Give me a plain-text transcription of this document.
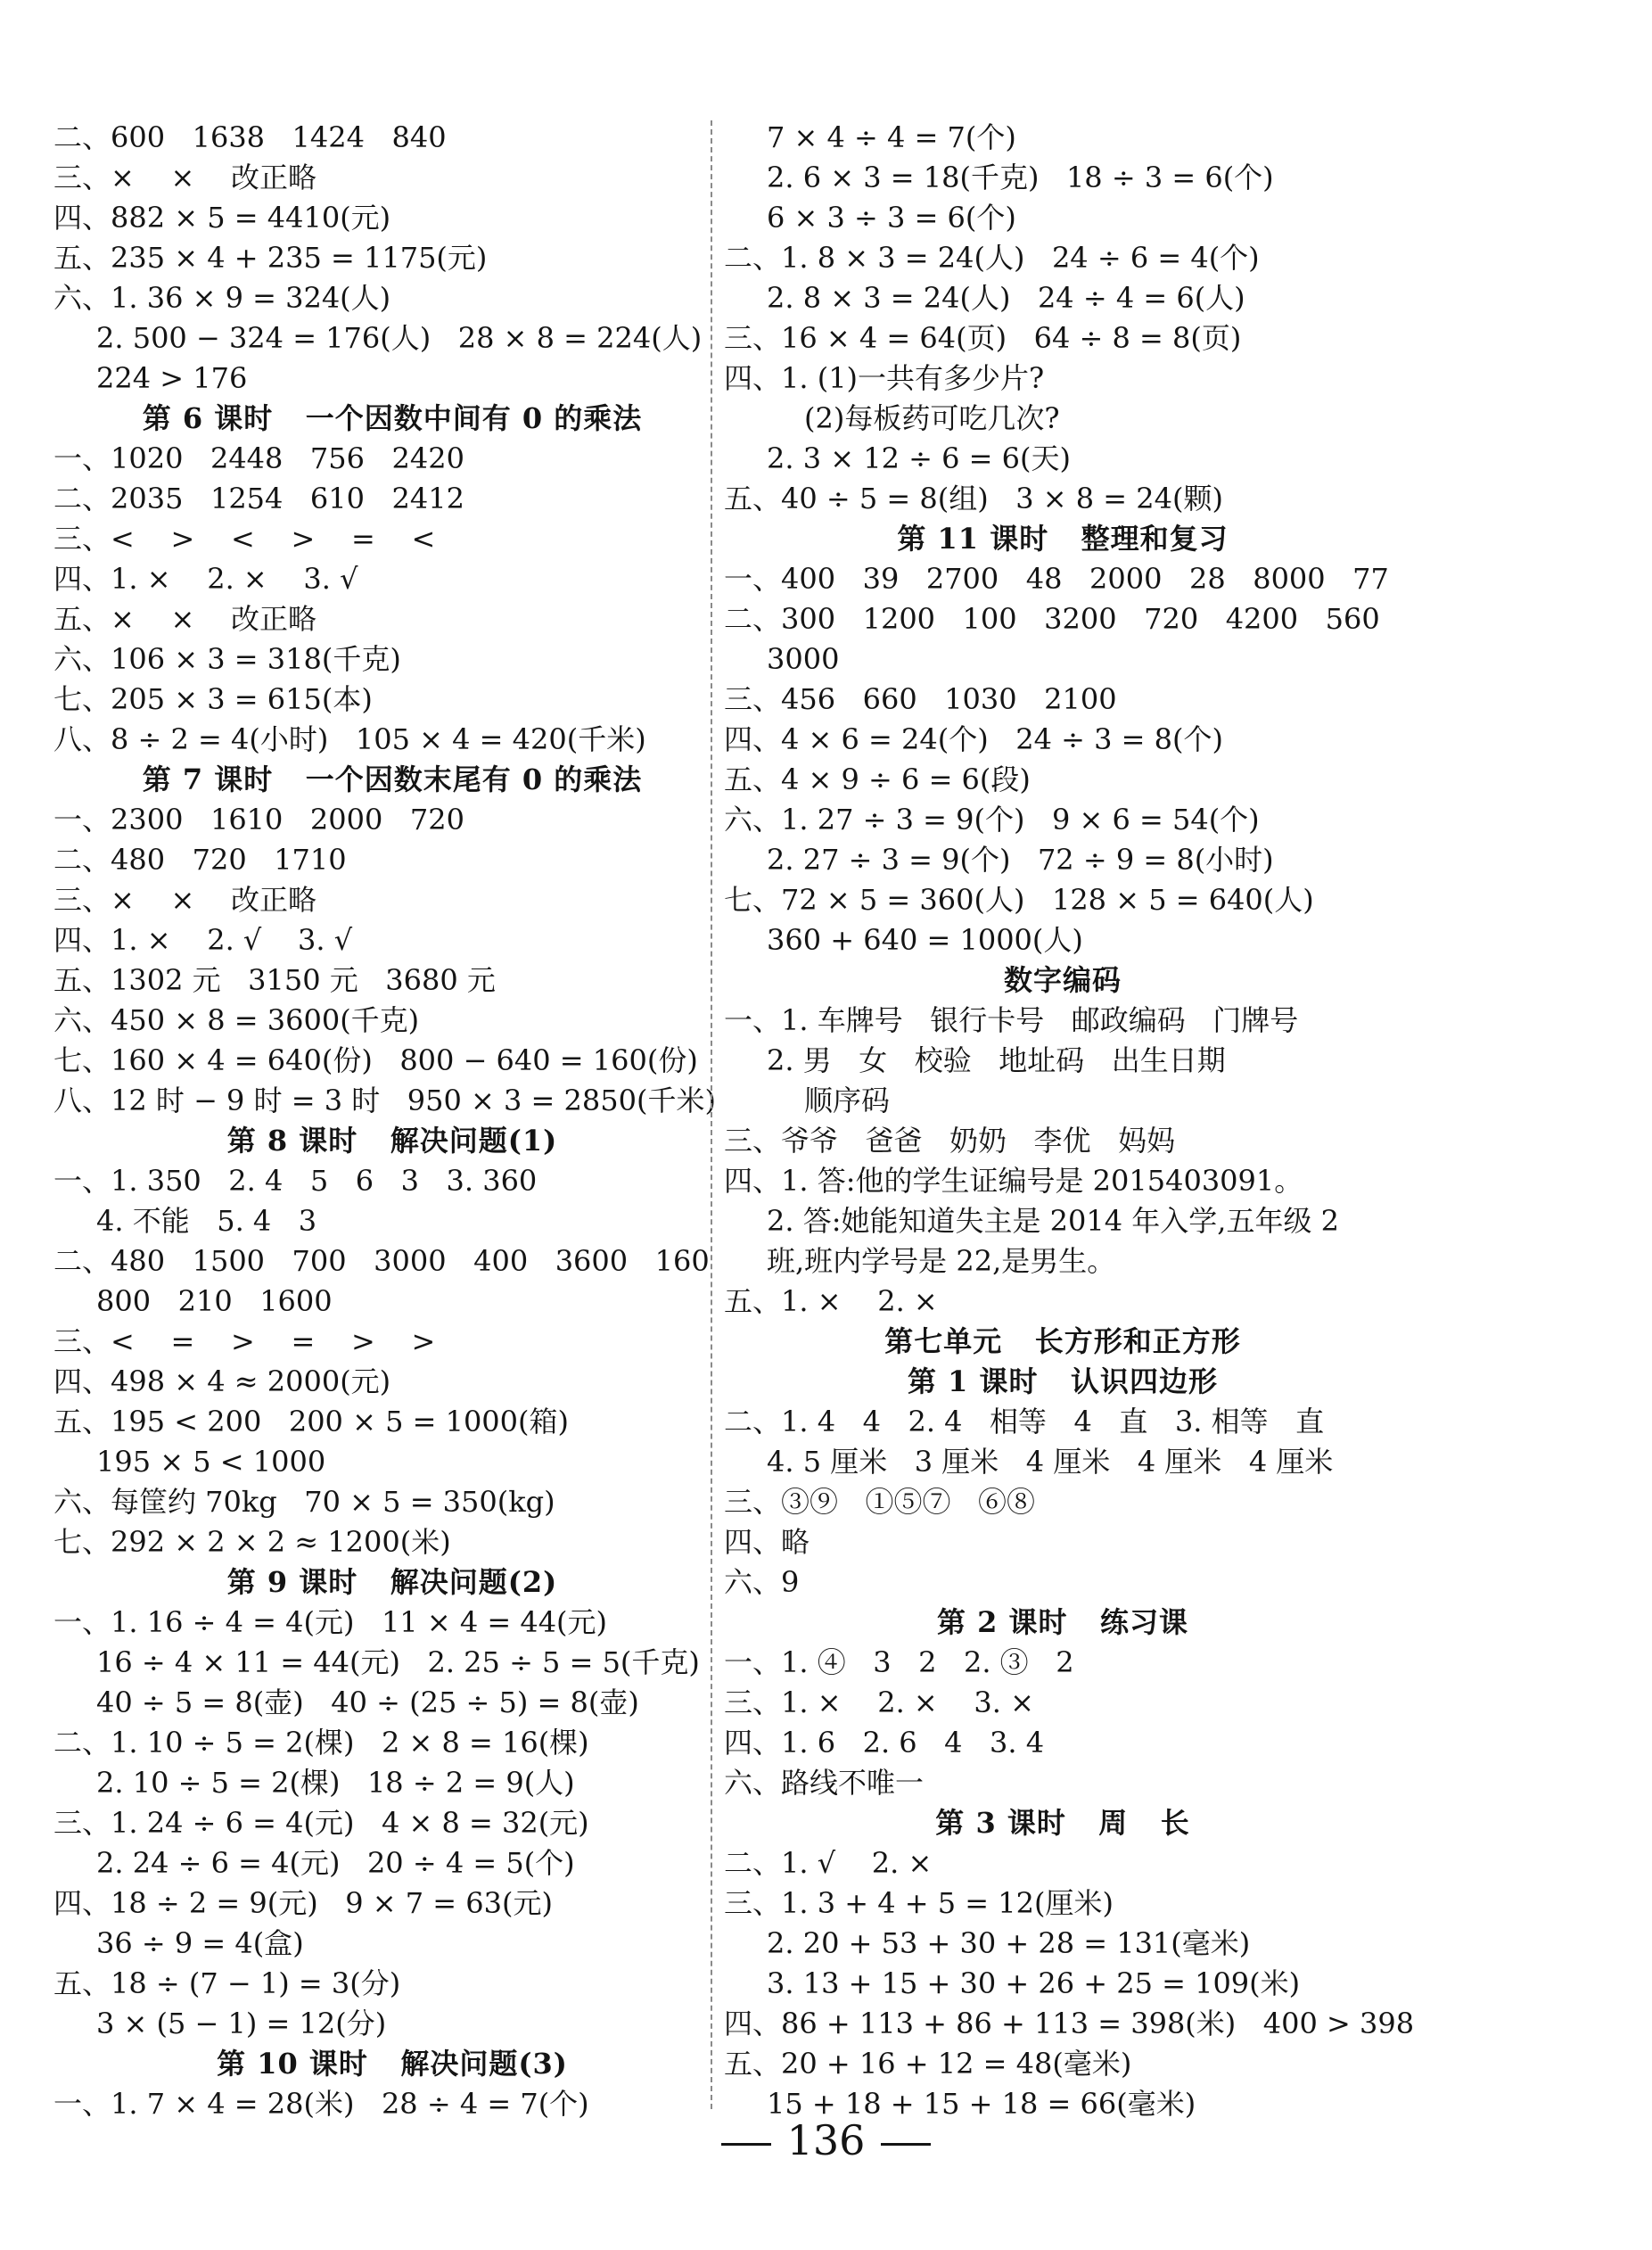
二、600   1638   1424   840
三、×    ×    改正略
四、882 × 5 = 4410(元)
五、235 × 4 + 235 = 1175(元)
六、1. 36 × 9 = 324(人)
2. 500 − 324 = 176(人)   28 × 8 = 224(人)
224 > 176
第 6 课时   一个因数中间有 0 的乘法
一、1020   2448   756   2420
二、2035   1254   610   2412
三、<    >    <    >    =    <
四、1. ×    2. ×    3. √
五、×    ×    改正略
六、106 × 3 = 318(千克)
七、205 × 3 = 615(本)
八、8 ÷ 2 = 4(小时)   105 × 4 = 420(千米)
第 7 课时   一个因数末尾有 0 的乘法
一、2300   1610   2000   720
二、480   720   1710
三、×    ×    改正略
四、1. ×    2. √    3. √
五、1302 元   3150 元   3680 元
六、450 × 8 = 3600(千克)
七、160 × 4 = 640(份)   800 − 640 = 160(份)
八、12 时 − 9 时 = 3 时   950 × 3 = 2850(千米)
第 8 课时   解决问题(1)
一、1. 350   2. 4   5   6   3   3. 360
4. 不能   5. 4   3
二、480   1500   700   3000   400   3600   160
800   210   1600
三、<    =    >    =    >    >
四、498 × 4 ≈ 2000(元)
五、195 < 200   200 × 5 = 1000(箱)
195 × 5 < 1000
六、每筐约 70kg   70 × 5 = 350(kg)
七、292 × 2 × 2 ≈ 1200(米)
第 9 课时   解决问题(2)
一、1. 16 ÷ 4 = 4(元)   11 × 4 = 44(元)
16 ÷ 4 × 11 = 44(元)   2. 25 ÷ 5 = 5(千克)
40 ÷ 5 = 8(壶)   40 ÷ (25 ÷ 5) = 8(壶)
二、1. 10 ÷ 5 = 2(棵)   2 × 8 = 16(棵)
2. 10 ÷ 5 = 2(棵)   18 ÷ 2 = 9(人)
三、1. 24 ÷ 6 = 4(元)   4 × 8 = 32(元)
2. 24 ÷ 6 = 4(元)   20 ÷ 4 = 5(个)
四、18 ÷ 2 = 9(元)   9 × 7 = 63(元)
36 ÷ 9 = 4(盒)
五、18 ÷ (7 − 1) = 3(分)
3 × (5 − 1) = 12(分)
第 10 课时   解决问题(3)
一、1. 7 × 4 = 28(米)   28 ÷ 4 = 7(个)
7 × 4 ÷ 4 = 7(个)
2. 6 × 3 = 18(千克)   18 ÷ 3 = 6(个)
6 × 3 ÷ 3 = 6(个)
二、1. 8 × 3 = 24(人)   24 ÷ 6 = 4(个)
2. 8 × 3 = 24(人)   24 ÷ 4 = 6(人)
三、16 × 4 = 64(页)   64 ÷ 8 = 8(页)
四、1. (1)一共有多少片?
(2)每板药可吃几次?
2. 3 × 12 ÷ 6 = 6(天)
五、40 ÷ 5 = 8(组)   3 × 8 = 24(颗)
第 11 课时   整理和复习
一、400   39   2700   48   2000   28   8000   77
二、300   1200   100   3200   720   4200   560
3000
三、456   660   1030   2100
四、4 × 6 = 24(个)   24 ÷ 3 = 8(个)
五、4 × 9 ÷ 6 = 6(段)
六、1. 27 ÷ 3 = 9(个)   9 × 6 = 54(个)
2. 27 ÷ 3 = 9(个)   72 ÷ 9 = 8(小时)
七、72 × 5 = 360(人)   128 × 5 = 640(人)
360 + 640 = 1000(人)
数字编码
一、1. 车牌号   银行卡号   邮政编码   门牌号
2. 男   女   校验   地址码   出生日期
顺序码
三、爷爷   爸爸   奶奶   李优   妈妈
四、1. 答:他的学生证编号是 2015403091。
2. 答:她能知道失主是 2014 年入学,五年级 2
班,班内学号是 22,是男生。
五、1. ×    2. ×
第七单元   长方形和正方形
第 1 课时   认识四边形
二、1. 4   4   2. 4   相等   4   直   3. 相等   直
4. 5 厘米   3 厘米   4 厘米   4 厘米   4 厘米
三、③⑨   ①⑤⑦   ⑥⑧
四、略
六、9
第 2 课时   练习课
一、1. ④   3   2   2. ③   2
三、1. ×    2. ×    3. ×
四、1. 6   2. 6   4   3. 4
六、路线不唯一
第 3 课时   周   长
二、1. √    2. ×
三、1. 3 + 4 + 5 = 12(厘米)
2. 20 + 53 + 30 + 28 = 131(毫米)
3. 13 + 15 + 30 + 26 + 25 = 109(米)
四、86 + 113 + 86 + 113 = 398(米)   400 > 398
五、20 + 16 + 12 = 48(毫米)
15 + 18 + 15 + 18 = 66(毫米)
136
